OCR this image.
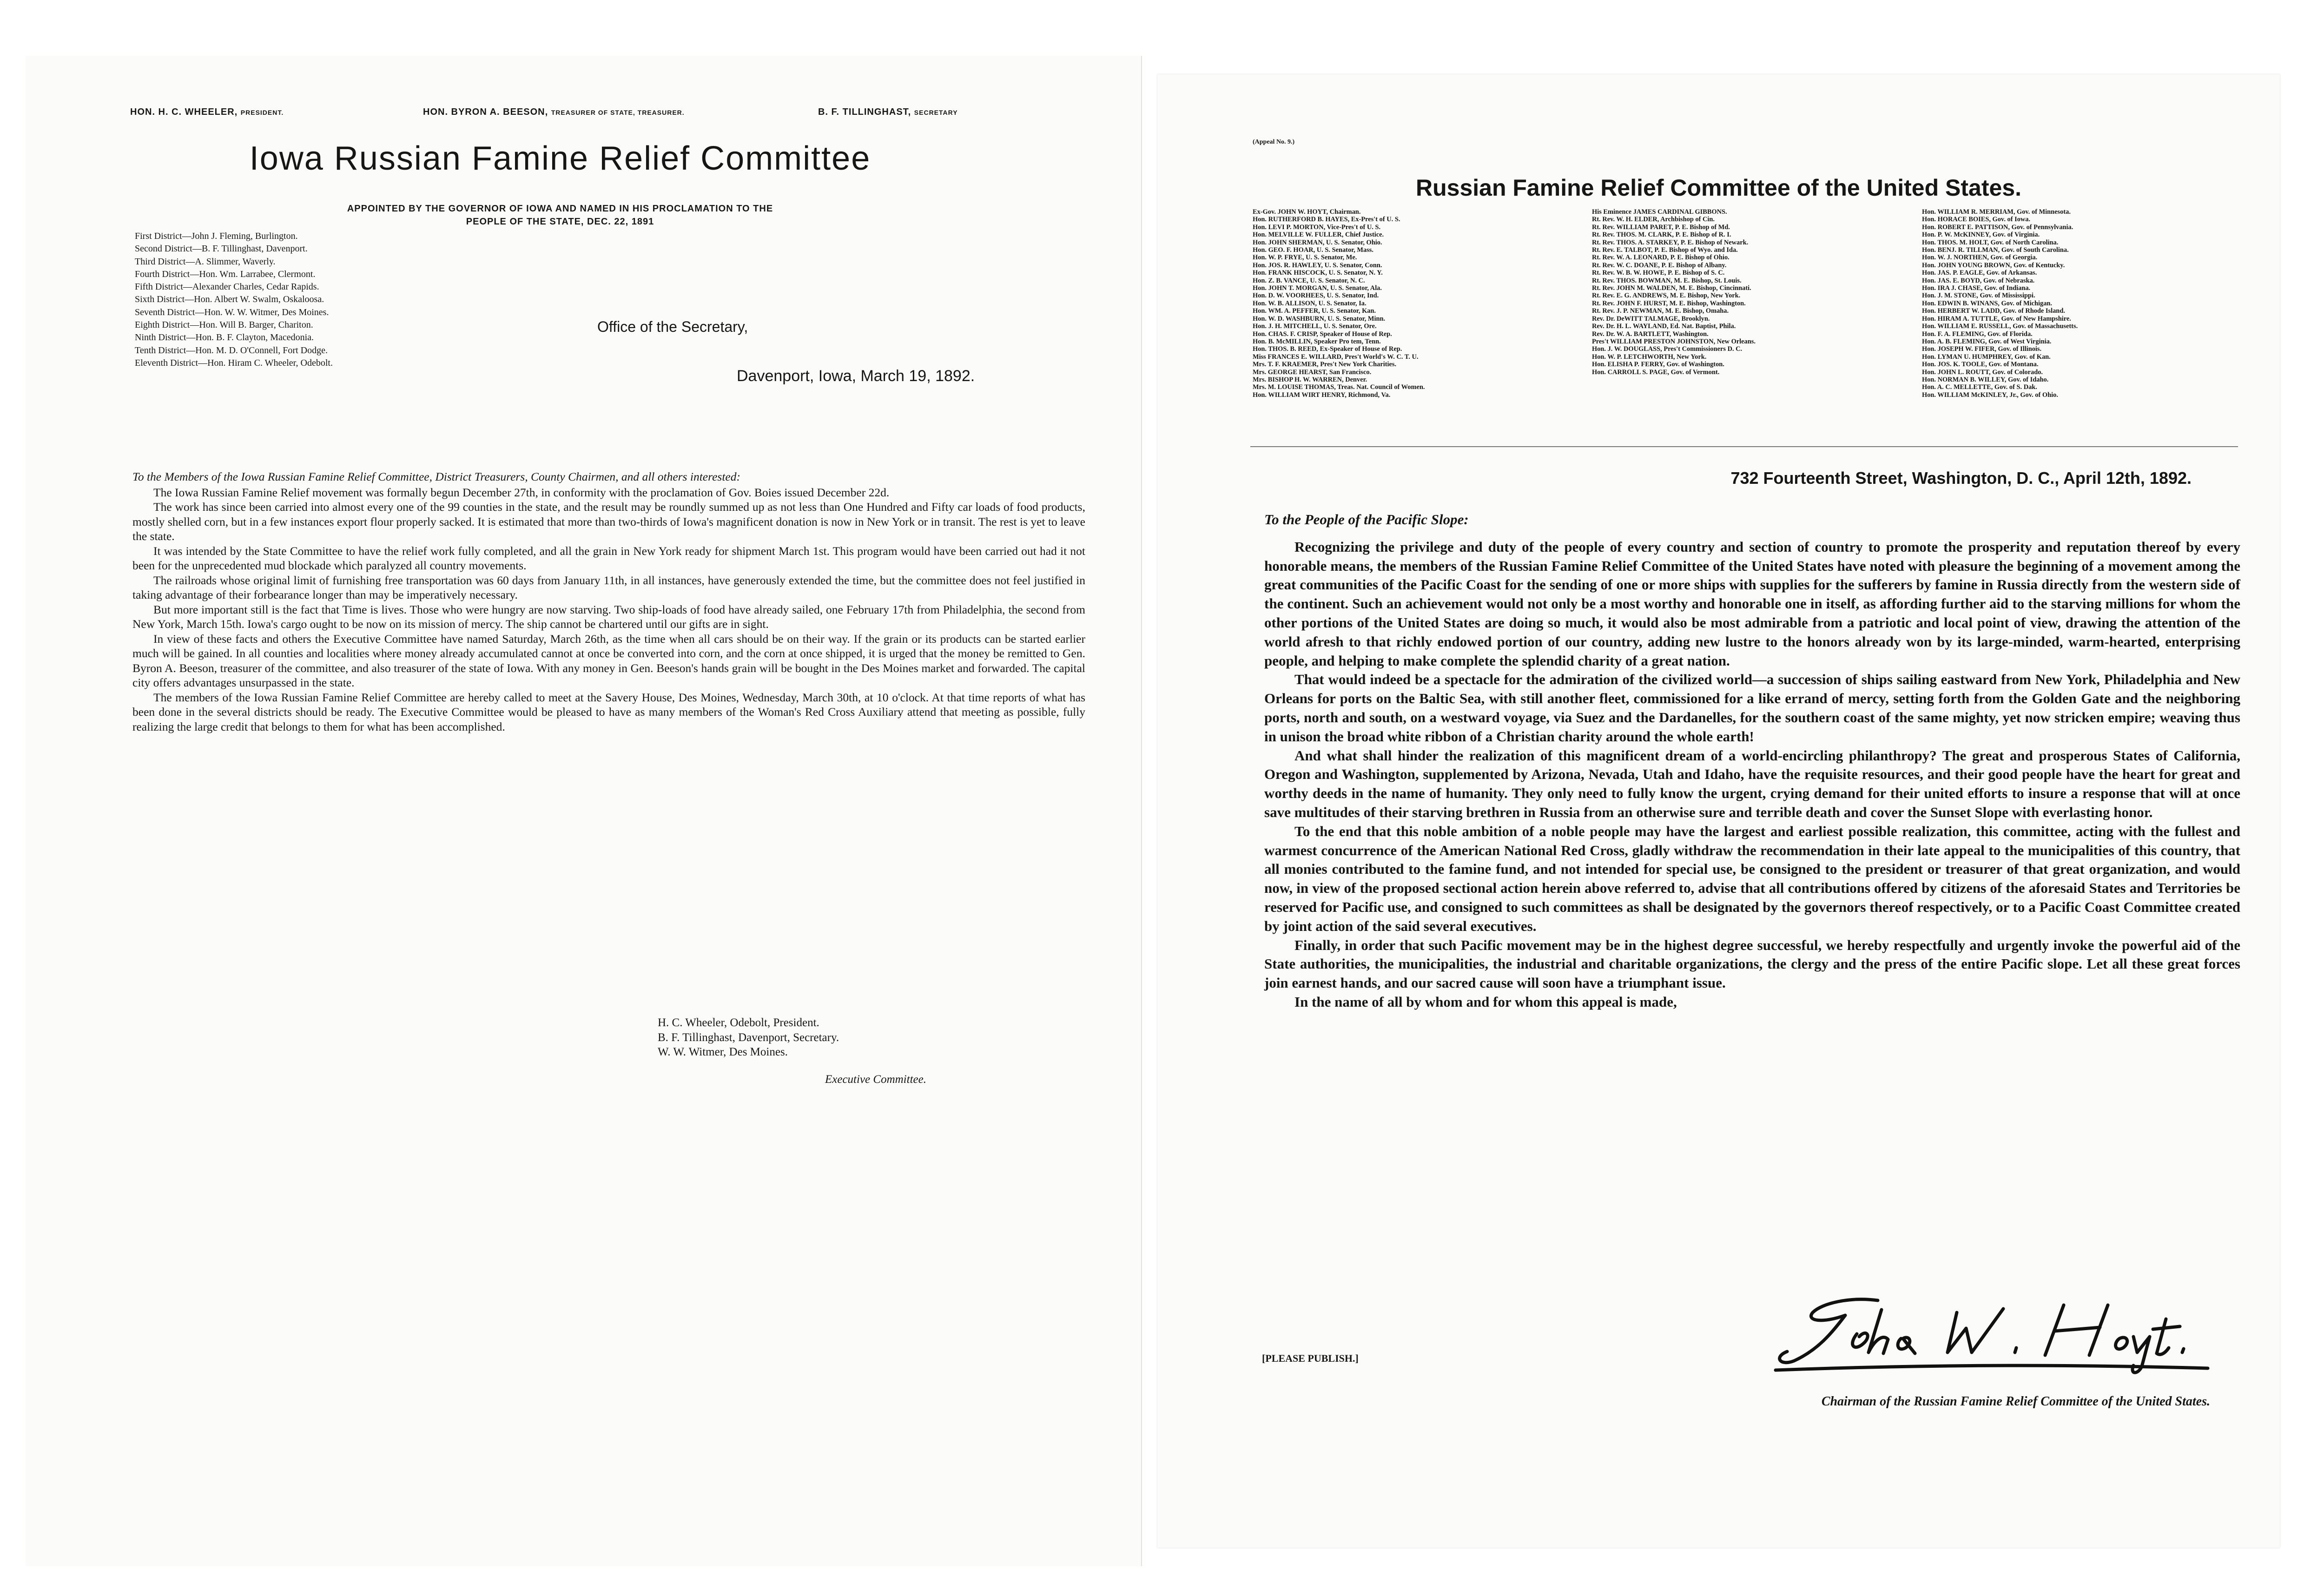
HON. H. C. WHEELER, PRESIDENT.	HON. BYRON A. BEESON, TREASURER OF STATE, TREASURER.	B. F. TILLINGHAST, SECRETARY
Iowa Russian Famine Relief Committee
APPOINTED BY THE GOVERNOR OF IOWA AND NAMED IN HIS PROCLAMATION TO THE
PEOPLE OF THE STATE, DEC. 22, 1891
First District—John J. Fleming, Burlington.
Second District—B. F. Tillinghast, Davenport.
Third District—A. Slimmer, Waverly.
Fourth District—Hon. Wm. Larrabee, Clermont.
Fifth District—Alexander Charles, Cedar Rapids.
Sixth District—Hon. Albert W. Swalm, Oskaloosa.
Seventh District—Hon. W. W. Witmer, Des Moines.
Eighth District—Hon. Will B. Barger, Chariton.
Ninth District—Hon. B. F. Clayton, Macedonia.
Tenth District—Hon. M. D. O'Connell, Fort Dodge.
Eleventh District—Hon. Hiram C. Wheeler, Odebolt.
Office of the Secretary,
Davenport, Iowa, March 19, 1892.

To the Members of the Iowa Russian Famine Relief Committee, District Treasurers, County Chairmen, and all others interested:

The Iowa Russian Famine Relief movement was formally begun December 27th, in conformity with the proclamation of Gov. Boies issued December 22d.

The work has since been carried into almost every one of the 99 counties in the state, and the result may be roundly summed up as not less than One Hundred and Fifty car loads of food products, mostly shelled corn, but in a few instances export flour properly sacked. It is estimated that more than two-thirds of Iowa's magnificent donation is now in New York or in transit. The rest is yet to leave the state.

It was intended by the State Committee to have the relief work fully completed, and all the grain in New York ready for shipment March 1st. This program would have been carried out had it not been for the unprecedented mud blockade which paralyzed all country movements.

The railroads whose original limit of furnishing free transportation was 60 days from January 11th, in all instances, have generously extended the time, but the committee does not feel justified in taking advantage of their forbearance longer than may be imperatively necessary.

But more important still is the fact that Time is lives. Those who were hungry are now starving. Two ship-loads of food have already sailed, one February 17th from Philadelphia, the second from New York, March 15th. Iowa's cargo ought to be now on its mission of mercy. The ship cannot be chartered until our gifts are in sight.

In view of these facts and others the Executive Committee have named Saturday, March 26th, as the time when all cars should be on their way. If the grain or its products can be started earlier much will be gained. In all counties and localities where money already accumulated cannot at once be converted into corn, and the corn at once shipped, it is urged that the money be remitted to Gen. Byron A. Beeson, treasurer of the committee, and also treasurer of the state of Iowa. With any money in Gen. Beeson's hands grain will be bought in the Des Moines market and forwarded. The capital city offers advantages unsurpassed in the state.

The members of the Iowa Russian Famine Relief Committee are hereby called to meet at the Savery House, Des Moines, Wednesday, March 30th, at 10 o'clock. At that time reports of what has been done in the several districts should be ready. The Executive Committee would be pleased to have as many members of the Woman's Red Cross Auxiliary attend that meeting as possible, fully realizing the large credit that belongs to them for what has been accomplished.

H. C. Wheeler, Odebolt, President.
B. F. Tillinghast, Davenport, Secretary.
W. W. Witmer, Des Moines.
Executive Committee.
(Appeal No. 9.)
Russian Famine Relief Committee of the United States.
Ex-Gov. JOHN W. HOYT, Chairman.
Hon. RUTHERFORD B. HAYES, Ex-Pres't of U. S.
Hon. LEVI P. MORTON, Vice-Pres't of U. S.
Hon. MELVILLE W. FULLER, Chief Justice.
Hon. JOHN SHERMAN, U. S. Senator, Ohio.
Hon. GEO. F. HOAR, U. S. Senator, Mass.
Hon. W. P. FRYE, U. S. Senator, Me.
Hon. JOS. R. HAWLEY, U. S. Senator, Conn.
Hon. FRANK HISCOCK, U. S. Senator, N. Y.
Hon. Z. B. VANCE, U. S. Senator, N. C.
Hon. JOHN T. MORGAN, U. S. Senator, Ala.
Hon. D. W. VOORHEES, U. S. Senator, Ind.
Hon. W. B. ALLISON, U. S. Senator, Ia.
Hon. WM. A. PEFFER, U. S. Senator, Kan.
Hon. W. D. WASHBURN, U. S. Senator, Minn.
Hon. J. H. MITCHELL, U. S. Senator, Ore.
Hon. CHAS. F. CRISP, Speaker of House of Rep.
Hon. B. McMILLIN, Speaker Pro tem, Tenn.
Hon. THOS. B. REED, Ex-Speaker of House of Rep.
Miss FRANCES E. WILLARD, Pres't World's W. C. T. U.
Mrs. T. F. KRAEMER, Pres't New York Charities.
Mrs. GEORGE HEARST, San Francisco.
Mrs. BISHOP H. W. WARREN, Denver.
Mrs. M. LOUISE THOMAS, Treas. Nat. Council of Women.
Hon. WILLIAM WIRT HENRY, Richmond, Va.
His Eminence JAMES CARDINAL GIBBONS.
Rt. Rev. W. H. ELDER, Archbishop of Cin.
Rt. Rev. WILLIAM PARET, P. E. Bishop of Md.
Rt. Rev. THOS. M. CLARK, P. E. Bishop of R. I.
Rt. Rev. THOS. A. STARKEY, P. E. Bishop of Newark.
Rt. Rev. E. TALBOT, P. E. Bishop of Wyo. and Ida.
Rt. Rev. W. A. LEONARD, P. E. Bishop of Ohio.
Rt. Rev. W. C. DOANE, P. E. Bishop of Albany.
Rt. Rev. W. B. W. HOWE, P. E. Bishop of S. C.
Rt. Rev. THOS. BOWMAN, M. E. Bishop, St. Louis.
Rt. Rev. JOHN M. WALDEN, M. E. Bishop, Cincinnati.
Rt. Rev. E. G. ANDREWS, M. E. Bishop, New York.
Rt. Rev. JOHN F. HURST, M. E. Bishop, Washington.
Rt. Rev. J. P. NEWMAN, M. E. Bishop, Omaha.
Rev. Dr. DeWITT TALMAGE, Brooklyn.
Rev. Dr. H. L. WAYLAND, Ed. Nat. Baptist, Phila.
Rev. Dr. W. A. BARTLETT, Washington.
Pres't WILLIAM PRESTON JOHNSTON, New Orleans.
Hon. J. W. DOUGLASS, Pres't Commissioners D. C.
Hon. W. P. LETCHWORTH, New York.
Hon. ELISHA P. FERRY, Gov. of Washington.
Hon. CARROLL S. PAGE, Gov. of Vermont.
Hon. WILLIAM R. MERRIAM, Gov. of Minnesota.
Hon. HORACE BOIES, Gov. of Iowa.
Hon. ROBERT E. PATTISON, Gov. of Pennsylvania.
Hon. P. W. McKINNEY, Gov. of Virginia.
Hon. THOS. M. HOLT, Gov. of North Carolina.
Hon. BENJ. R. TILLMAN, Gov. of South Carolina.
Hon. W. J. NORTHEN, Gov. of Georgia.
Hon. JOHN YOUNG BROWN, Gov. of Kentucky.
Hon. JAS. P. EAGLE, Gov. of Arkansas.
Hon. JAS. E. BOYD, Gov. of Nebraska.
Hon. IRA J. CHASE, Gov. of Indiana.
Hon. J. M. STONE, Gov. of Mississippi.
Hon. EDWIN B. WINANS, Gov. of Michigan.
Hon. HERBERT W. LADD, Gov. of Rhode Island.
Hon. HIRAM A. TUTTLE, Gov. of New Hampshire.
Hon. WILLIAM E. RUSSELL, Gov. of Massachusetts.
Hon. F. A. FLEMING, Gov. of Florida.
Hon. A. B. FLEMING, Gov. of West Virginia.
Hon. JOSEPH W. FIFER, Gov. of Illinois.
Hon. LYMAN U. HUMPHREY, Gov. of Kan.
Hon. JOS. K. TOOLE, Gov. of Montana.
Hon. JOHN L. ROUTT, Gov. of Colorado.
Hon. NORMAN B. WILLEY, Gov. of Idaho.
Hon. A. C. MELLETTE, Gov. of S. Dak.
Hon. WILLIAM McKINLEY, Jr., Gov. of Ohio.
732 Fourteenth Street, Washington, D. C., April 12th, 1892.

To the People of the Pacific Slope:

Recognizing the privilege and duty of the people of every country and section of country to promote the prosperity and reputation thereof by every honorable means, the members of the Russian Famine Relief Committee of the United States have noted with pleasure the beginning of a movement among the great communities of the Pacific Coast for the sending of one or more ships with supplies for the sufferers by famine in Russia directly from the western side of the continent. Such an achievement would not only be a most worthy and honorable one in itself, as affording further aid to the starving millions for whom the other portions of the United States are doing so much, it would also be most admirable from a patriotic and local point of view, drawing the attention of the world afresh to that richly endowed portion of our country, adding new lustre to the honors already won by its large-minded, warm-hearted, enterprising people, and helping to make complete the splendid charity of a great nation.

That would indeed be a spectacle for the admiration of the civilized world—a succession of ships sailing eastward from New York, Philadelphia and New Orleans for ports on the Baltic Sea, with still another fleet, commissioned for a like errand of mercy, setting forth from the Golden Gate and the neighboring ports, north and south, on a westward voyage, via Suez and the Dardanelles, for the southern coast of the same mighty, yet now stricken empire; weaving thus in unison the broad white ribbon of a Christian charity around the whole earth!

And what shall hinder the realization of this magnificent dream of a world-encircling philanthropy? The great and prosperous States of California, Oregon and Washington, supplemented by Arizona, Nevada, Utah and Idaho, have the requisite resources, and their good people have the heart for great and worthy deeds in the name of humanity. They only need to fully know the urgent, crying demand for their united efforts to insure a response that will at once save multitudes of their starving brethren in Russia from an otherwise sure and terrible death and cover the Sunset Slope with everlasting honor.

To the end that this noble ambition of a noble people may have the largest and earliest possible realization, this committee, acting with the fullest and warmest concurrence of the American National Red Cross, gladly withdraw the recommendation in their late appeal to the municipalities of this country, that all monies contributed to the famine fund, and not intended for special use, be consigned to the president or treasurer of that great organization, and would now, in view of the proposed sectional action herein above referred to, advise that all contributions offered by citizens of the aforesaid States and Territories be reserved for Pacific use, and consigned to such committees as shall be designated by the governors thereof respectively, or to a Pacific Coast Committee created by joint action of the said several executives.

Finally, in order that such Pacific movement may be in the highest degree successful, we hereby respectfully and urgently invoke the powerful aid of the State authorities, the municipalities, the industrial and charitable organizations, the clergy and the press of the entire Pacific slope. Let all these great forces join earnest hands, and our sacred cause will soon have a triumphant issue.

In the name of all by whom and for whom this appeal is made,

[PLEASE PUBLISH.]
Chairman of the Russian Famine Relief Committee of the United States.
